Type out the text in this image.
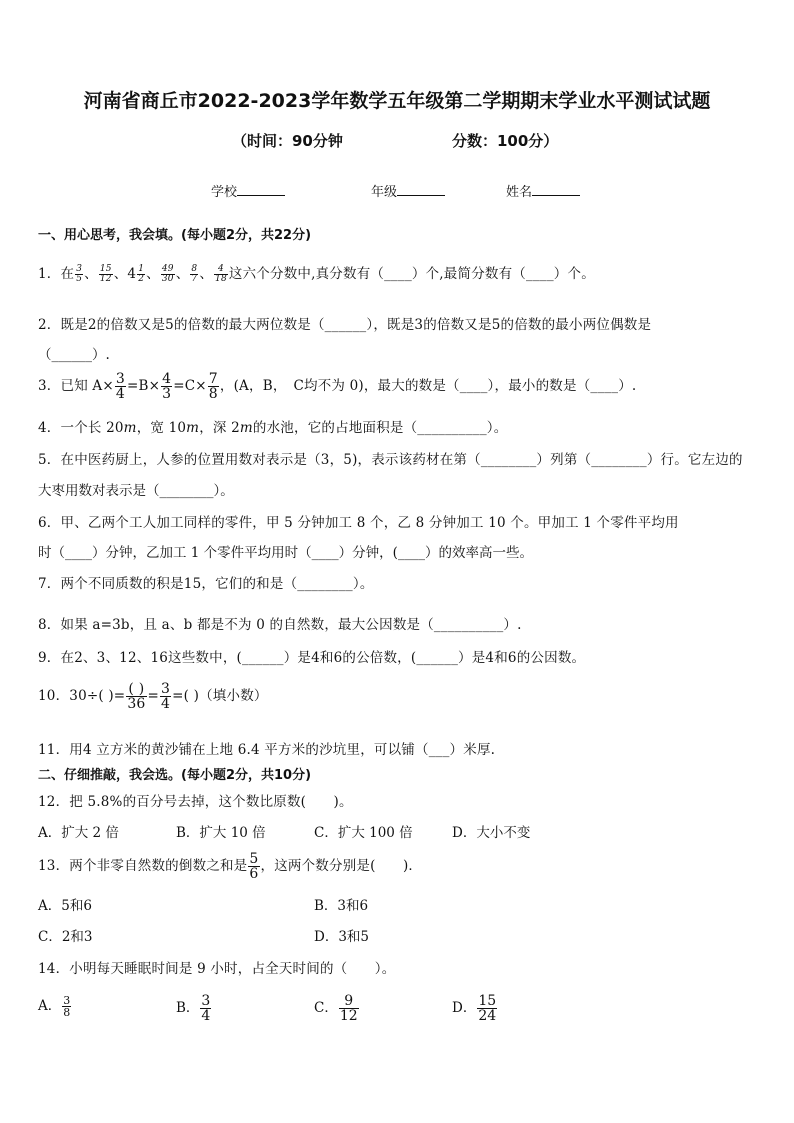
河南省商丘市2022-2023学年数学五年级第二学期期末学业水平测试试题
（时间：90分钟	分数：100分）
学校	年级	姓名
一、用心思考，我会填。(每小题2分，共22分)
1．在 $\frac{3}{5}$ 、 $\frac{15}{12}$ 、$4 \frac{1}{2}$ 、 $\frac{49}{30}$ 、 $\frac{8}{7}$ 、 $\frac{4}{18}$ 这六个分数中,真分数有（____）个,最简分数有（____）个。
2．既是2的倍数又是5的倍数的最大两位数是（______），既是3的倍数又是5的倍数的最小两位偶数是
（______）.
3．已知 $A\times \frac{3}{4} =B\times \frac{4}{3} =C\times \frac{7}{8}$ ，(A，B，　C均不为 0)，最大的数是（____），最小的数是（____）.
4．一个长 20m，宽 10m，深 2m的水池，它的占地面积是（__________）。
5．在中医药厨上，人参的位置用数对表示是（3，5)，表示该药材在第（________）列第（________）行。它左边的
大枣用数对表示是（________）。
6．甲、乙两个工人加工同样的零件，甲 5 分钟加工 8 个，乙 8 分钟加工 10 个。甲加工 1 个零件平均用
时（____）分钟，乙加工 1 个零件平均用时（____）分钟，(____）的效率高一些。
7．两个不同质数的积是15，它们的和是（________）。
8．如果 a=3b，且 a、b 都是不为 0 的自然数，最大公因数是（__________）.
9．在2、3、12、16这些数中，(______）是4和6的公倍数，(______）是4和6的公因数。
10．30÷( )= $\frac{( )}{36} = \frac{3}{4}$ =( )（填小数）
11．用4 立方米的黄沙铺在上地 6.4 平方米的沙坑里，可以铺（___）米厚.
二、仔细推敲，我会选。(每小题2分，共10分)
12．把 5.8%的百分号去掉，这个数比原数(　　)。
A．扩大 2 倍	B．扩大 10 倍	C．扩大 100 倍	D．大小不变
13．两个非零自然数的倒数之和是 $\frac{5}{6}$ ，这两个数分别是(　　)．
A．5和6	B．3和6
C．2和3	D．3和5
14．小明每天睡眠时间是 9 小时，占全天时间的（　　）。
A． $\frac{3}{8}$	B． $\frac{3}{4}$	C． $\frac{9}{12}$	D． $\frac{15}{24}$
